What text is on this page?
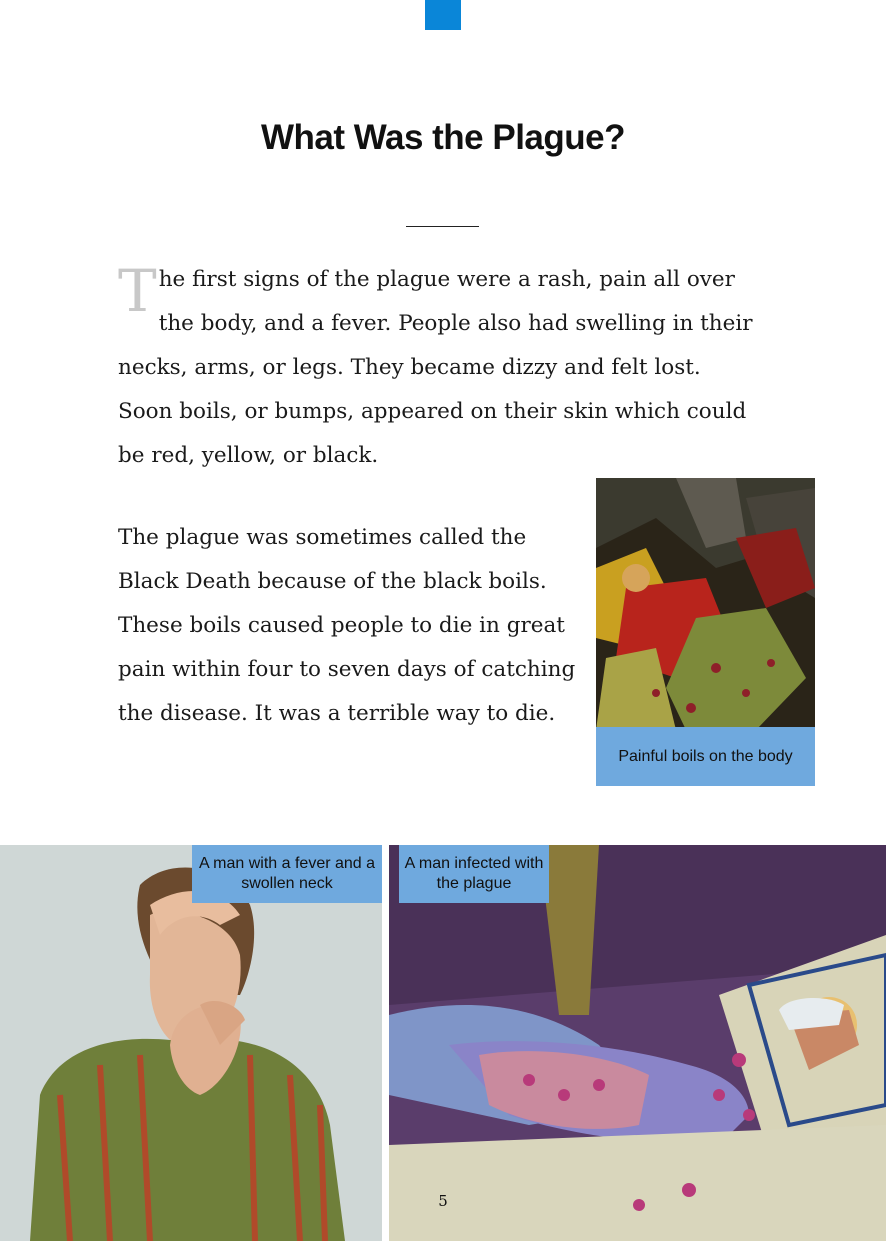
What Was the Plague?

The first signs of the plague were a rash, pain all over the body, and a fever. People also had swelling in their necks, arms, or legs. They became dizzy and felt lost. Soon boils, or bumps, appeared on their skin which could be red, yellow, or black.

The plague was sometimes called the Black Death because of the black boils. These boils caused people to die in great pain within four to seven days of catching the disease. It was a terrible way to die.

Painful boils on the body
A man with a fever and a swollen neck
A man infected with the plague
5
